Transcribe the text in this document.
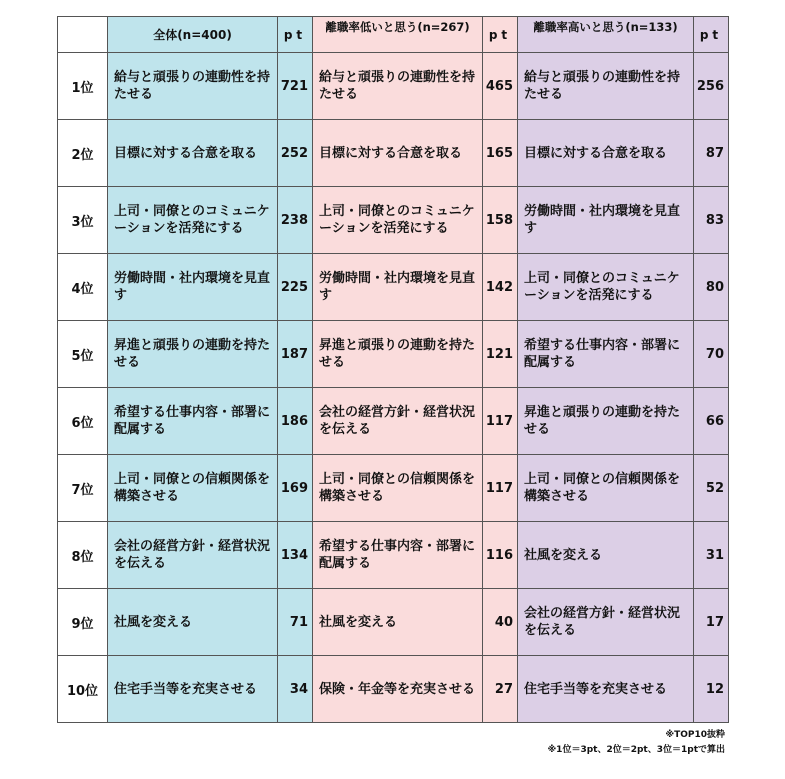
	全体(n=400)	pt	離職率低いと思う(n=267)	pt	離職率高いと思う(n=133)	pt

1位	給与と頑張りの連動性を持たせる	721	給与と頑張りの連動性を持たせる	465	給与と頑張りの連動性を持たせる	256
2位	目標に対する合意を取る	252	目標に対する合意を取る	165	目標に対する合意を取る	87
3位	上司・同僚とのコミュニケーションを活発にする	238	上司・同僚とのコミュニケーションを活発にする	158	労働時間・社内環境を見直す	83
4位	労働時間・社内環境を見直す	225	労働時間・社内環境を見直す	142	上司・同僚とのコミュニケーションを活発にする	80
5位	昇進と頑張りの連動を持たせる	187	昇進と頑張りの連動を持たせる	121	希望する仕事内容・部署に配属する	70
6位	希望する仕事内容・部署に配属する	186	会社の経営方針・経営状況を伝える	117	昇進と頑張りの連動を持たせる	66
7位	上司・同僚との信頼関係を構築させる	169	上司・同僚との信頼関係を構築させる	117	上司・同僚との信頼関係を構築させる	52
8位	会社の経営方針・経営状況を伝える	134	希望する仕事内容・部署に配属する	116	社風を変える	31
9位	社風を変える	71	社風を変える	40	会社の経営方針・経営状況を伝える	17
10位	住宅手当等を充実させる	34	保険・年金等を充実させる	27	住宅手当等を充実させる	12
※TOP10抜粋
※1位＝3pt、2位＝2pt、3位＝1ptで算出
